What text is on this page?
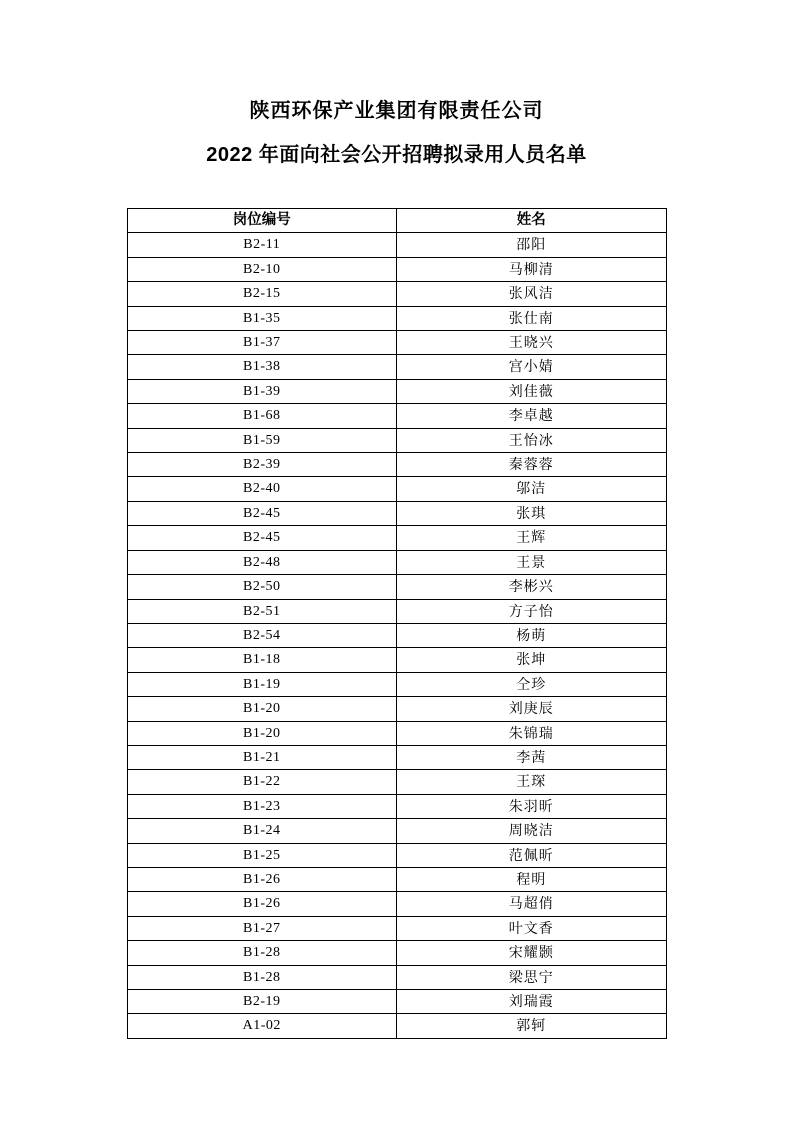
陕西环保产业集团有限责任公司
2022 年面向社会公开招聘拟录用人员名单
岗位编号	姓名
B2-11	邵阳
B2-10	马柳清
B2-15	张风洁
B1-35	张仕南
B1-37	王晓兴
B1-38	宫小婧
B1-39	刘佳薇
B1-68	李卓越
B1-59	王怡冰
B2-39	秦蓉蓉
B2-40	邬洁
B2-45	张琪
B2-45	王辉
B2-48	王景
B2-50	李彬兴
B2-51	方子怡
B2-54	杨萌
B1-18	张坤
B1-19	仝珍
B1-20	刘庚辰
B1-20	朱锦瑞
B1-21	李茜
B1-22	王琛
B1-23	朱羽昕
B1-24	周晓洁
B1-25	范佩昕
B1-26	程明
B1-26	马超俏
B1-27	叶文香
B1-28	宋耀颢
B1-28	梁思宁
B2-19	刘瑞霞
A1-02	郭轲
